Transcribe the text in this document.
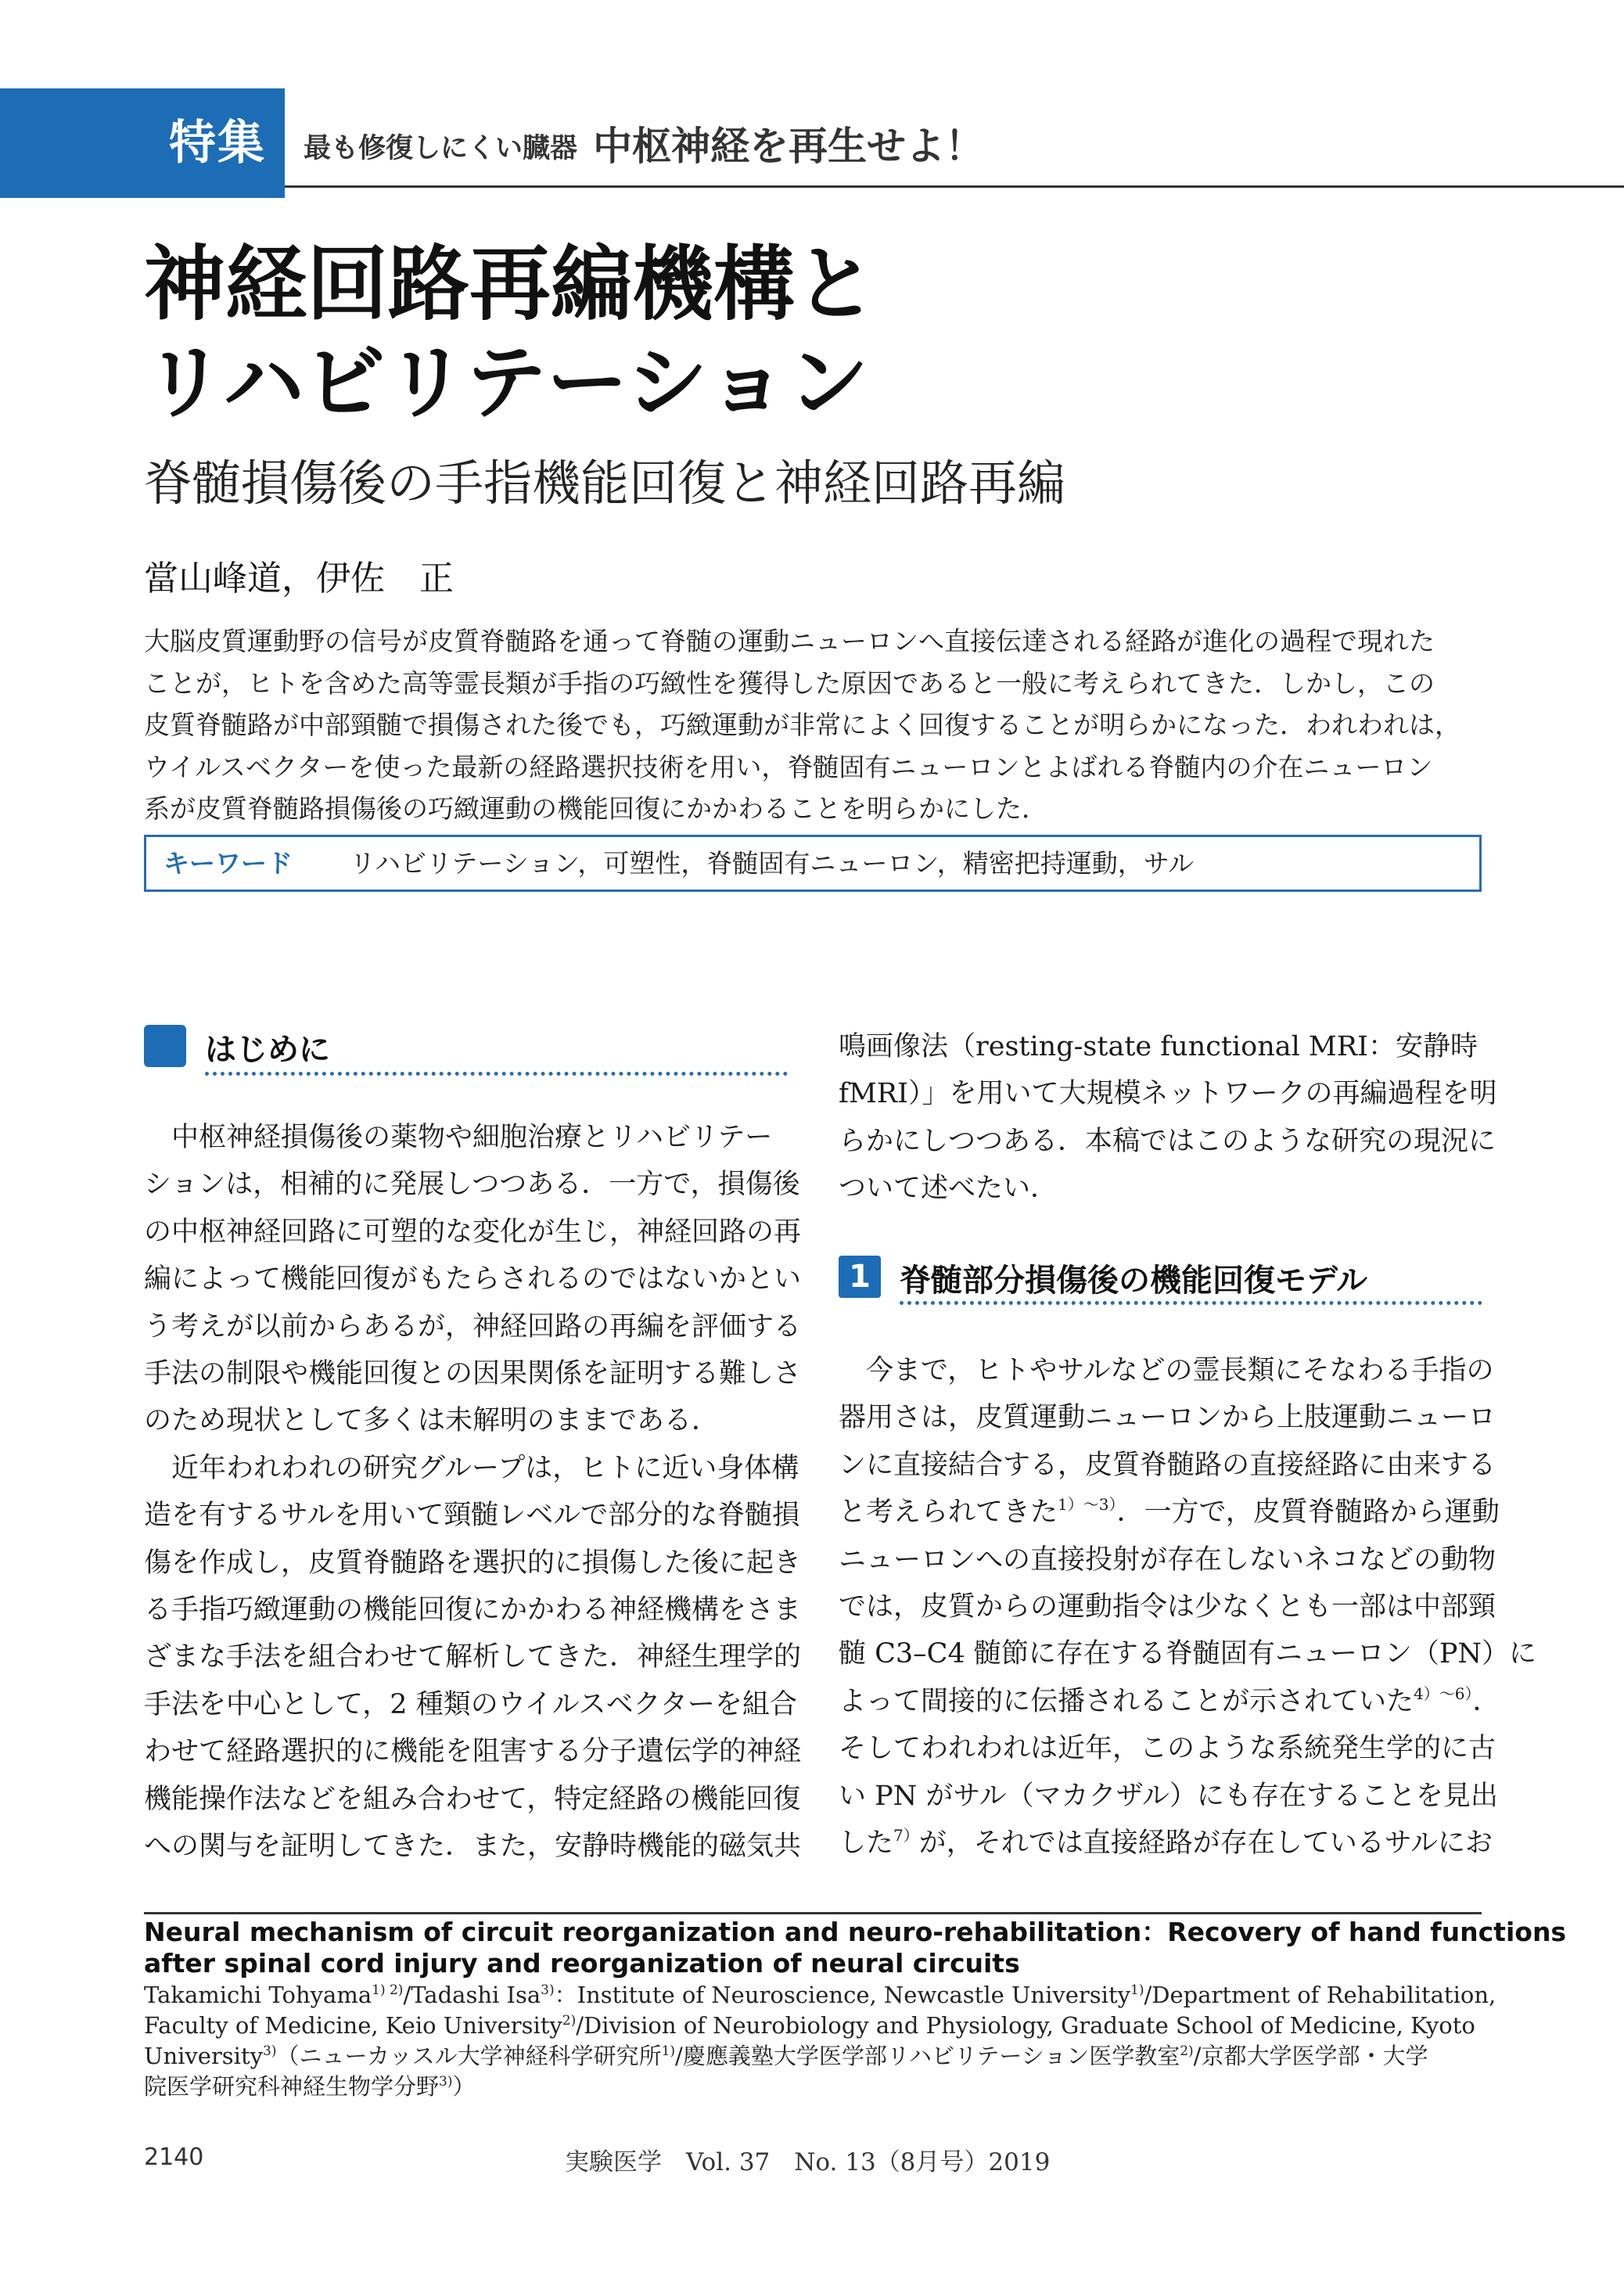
特集	最も修復しにくい臓器 中枢神経を再生せよ！
神経回路再編機構と
リハビリテーション
脊髄損傷後の手指機能回復と神経回路再編
當山峰道，伊佐　正
大脳皮質運動野の信号が皮質脊髄路を通って脊髄の運動ニューロンへ直接伝達される経路が進化の過程で現れた
ことが，ヒトを含めた高等霊長類が手指の巧緻性を獲得した原因であると一般に考えられてきた．しかし，この
皮質脊髄路が中部頸髄で損傷された後でも，巧緻運動が非常によく回復することが明らかになった．われわれは，
ウイルスベクターを使った最新の経路選択技術を用い，脊髄固有ニューロンとよばれる脊髄内の介在ニューロン
系が皮質脊髄路損傷後の巧緻運動の機能回復にかかわることを明らかにした．
キーワード リハビリテーション，可塑性，脊髄固有ニューロン，精密把持運動，サル
はじめに
　中枢神経損傷後の薬物や細胞治療とリハビリテー
ションは，相補的に発展しつつある．一方で，損傷後
の中枢神経回路に可塑的な変化が生じ，神経回路の再
編によって機能回復がもたらされるのではないかとい
う考えが以前からあるが，神経回路の再編を評価する
手法の制限や機能回復との因果関係を証明する難しさ
のため現状として多くは未解明のままである．
　近年われわれの研究グループは，ヒトに近い身体構
造を有するサルを用いて頸髄レベルで部分的な脊髄損
傷を作成し，皮質脊髄路を選択的に損傷した後に起き
る手指巧緻運動の機能回復にかかわる神経機構をさま
ざまな手法を組合わせて解析してきた．神経生理学的
手法を中心として，2 種類のウイルスベクターを組合
わせて経路選択的に機能を阻害する分子遺伝学的神経
機能操作法などを組み合わせて，特定経路の機能回復
への関与を証明してきた．また，安静時機能的磁気共
鳴画像法（resting-state functional MRI：安静時
fMRI）」を用いて大規模ネットワークの再編過程を明
らかにしつつある．本稿ではこのような研究の現況に
ついて述べたい．
1 脊髄部分損傷後の機能回復モデル
　今まで，ヒトやサルなどの霊長類にそなわる手指の
器用さは，皮質運動ニューロンから上肢運動ニューロ
ンに直接結合する，皮質脊髄路の直接経路に由来する
と考えられてきた$^{1)\sim 3)}$．一方で，皮質脊髄路から運動
ニューロンへの直接投射が存在しないネコなどの動物
では，皮質からの運動指令は少なくとも一部は中部頸
髄 C3–C4 髄節に存在する脊髄固有ニューロン（PN）に
よって間接的に伝播されることが示されていた$^{4)\sim 6)}$．
そしてわれわれは近年，このような系統発生学的に古
い PN がサル（マカクザル）にも存在することを見出
した$^{7)}$が，それでは直接経路が存在しているサルにお
Neural mechanism of circuit reorganization and neuro-rehabilitation：Recovery of hand functions
after spinal cord injury and reorganization of neural circuits
Takamichi Tohyama$^{1) 2)}$/Tadashi Isa$^{3)}$：Institute of Neuroscience, Newcastle University$^{1)}$/Department of Rehabilitation,
Faculty of Medicine, Keio University$^{2)}$/Division of Neurobiology and Physiology, Graduate School of Medicine, Kyoto
University$^{3)}$（ニューカッスル大学神経科学研究所$^{1)}$/慶應義塾大学医学部リハビリテーション医学教室$^{2)}$/京都大学医学部・大学
院医学研究科神経生物学分野$^{3)}$）
2140	実験医学　Vol. 37　No. 13（8月号）2019
